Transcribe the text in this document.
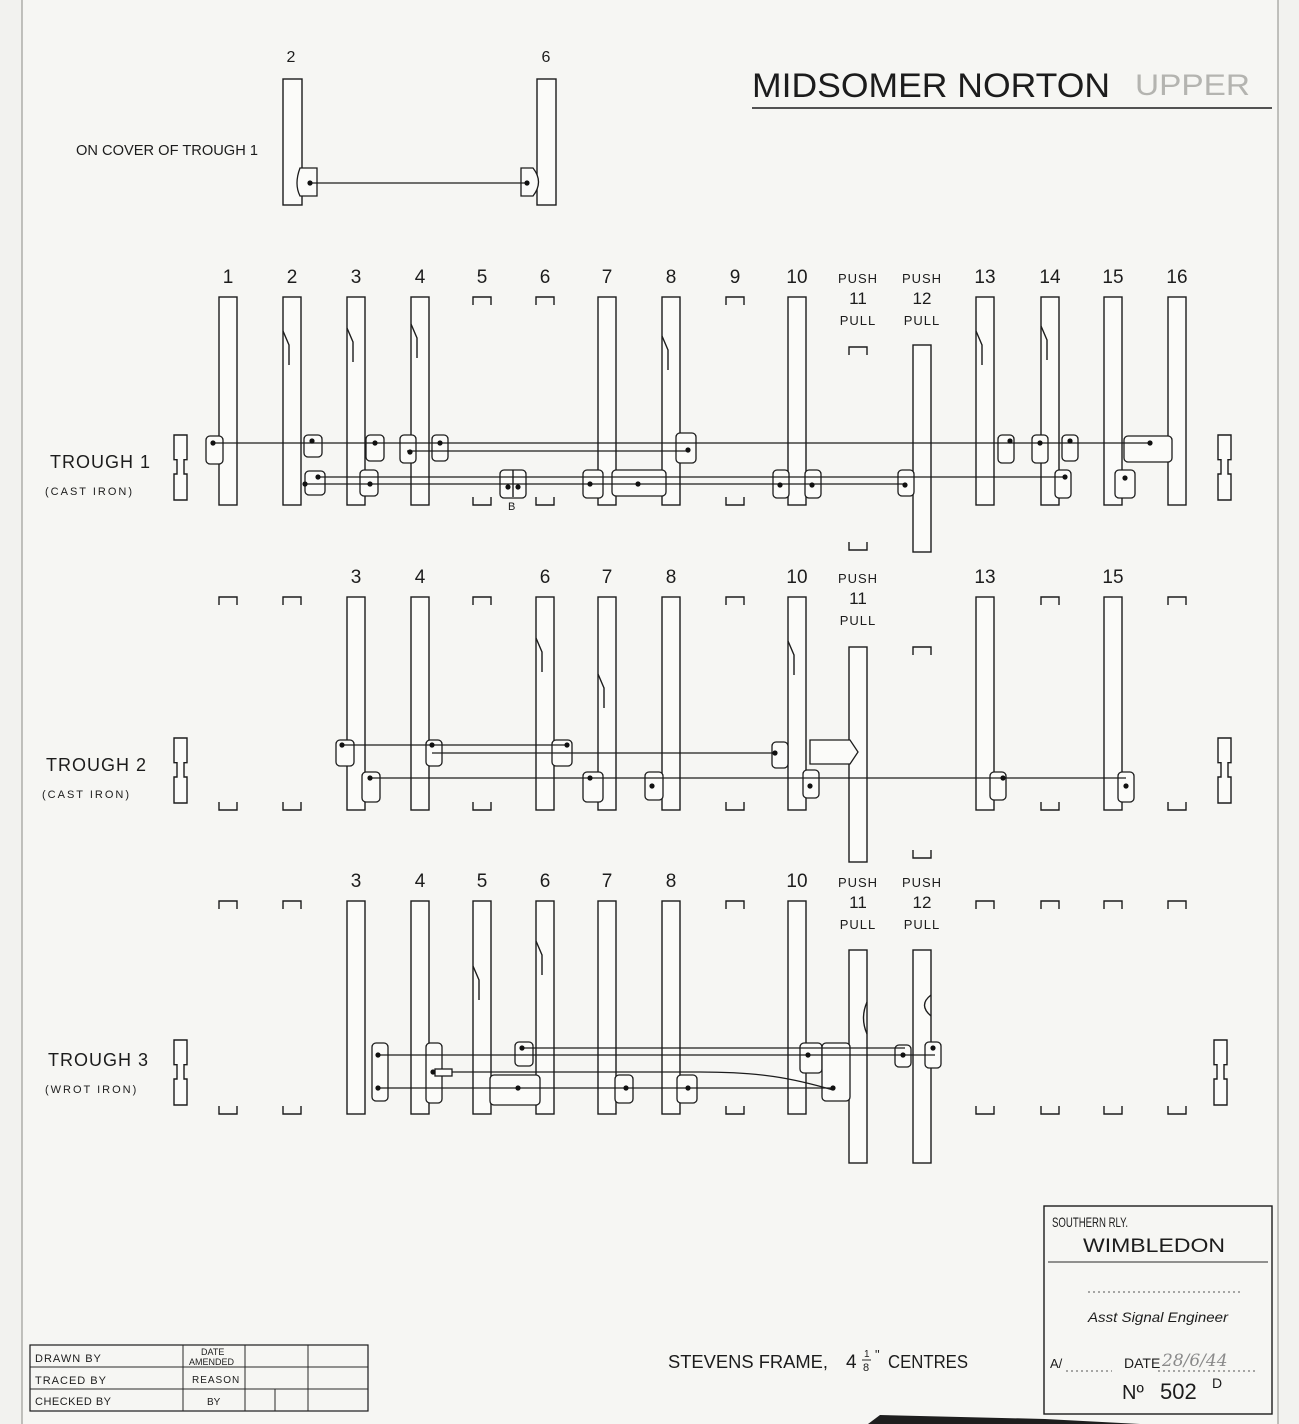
MIDSOMER NORTON UPPER
ON COVER OF TROUGH 1
2	6
TROUGH 1
(CAST IRON)
TROUGH 2
(CAST IRON)
TROUGH 3
(WROT IRON)
B
1	2	3	4	5	6	7	8	9 10	13 14 15 16
PUSH
11
PULL
PUSH
12
PULL
3	4	6	7	8	10	13	15
PUSH
11
PULL
3	4	5	6	7	8	10 PUSH
11
PULL
PUSH
12
PULL
STEVENS FRAME, 4 1
8
" CENTRES
SOUTHERN RLY.
WIMBLEDON
Asst Signal Engineer
A/	DATE 28/6/44
Nº 502 D
DRAWN BY
TRACED BY
CHECKED BY
DATE
AMENDED
REASON
BY
